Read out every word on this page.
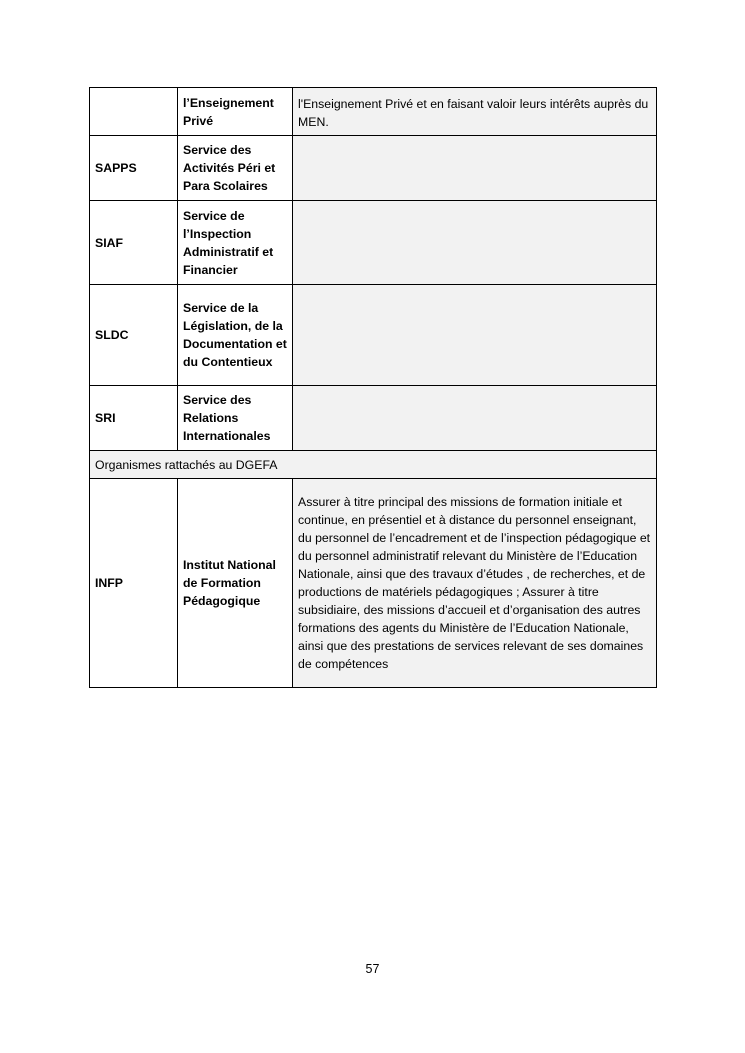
	l’Enseignement Privé	l'Enseignement Privé et en faisant valoir leurs intérêts auprès du MEN.
SAPPS	Service des Activités Péri et Para Scolaires	
SIAF	Service de l’Inspection Administratif et Financier	
SLDC	Service de la Législation, de la Documentation et du Contentieux	
SRI	Service des Relations Internationales	
Organismes rattachés au DGEFA		
INFP	Institut National de Formation Pédagogique	Assurer à titre principal des missions de formation initiale et continue, en présentiel et à distance du personnel enseignant, du personnel de l’encadrement et de l’inspection pédagogique et du personnel administratif relevant du Ministère de l’Education Nationale, ainsi que des travaux d’études , de recherches, et de productions de matériels pédagogiques ; Assurer à titre subsidiaire, des missions d’accueil et d’organisation des autres formations des agents du Ministère de l’Education Nationale, ainsi que des prestations de services relevant de ses domaines de compétences
57
